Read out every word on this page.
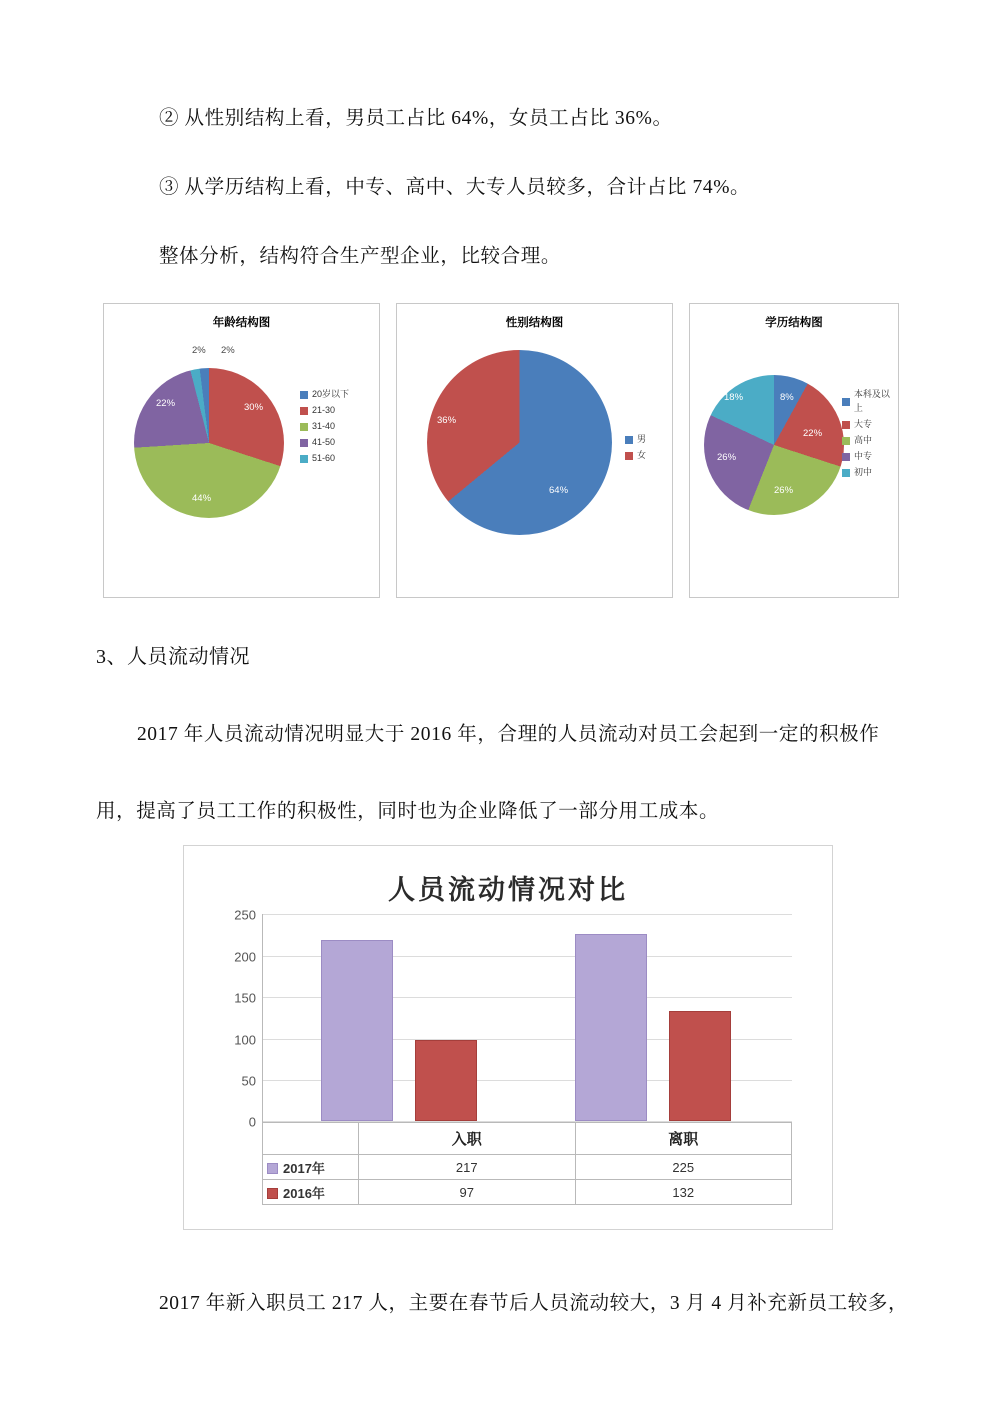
② 从性别结构上看，男员工占比 64%，女员工占比 36%。

③ 从学历结构上看，中专、高中、大专人员较多，合计占比 74%。

整体分析，结构符合生产型企业，比较合理。

年龄结构图
2%
30%
44%
22%
2%
20岁以下
21-30
31-40
41-50
51-60
性别结构图
64%
36%
男
女
学历结构图
8%
22%
26%
26%
18%	本科及以上
大专
高中
中专
初中

3、人员流动情况

2017 年人员流动情况明显大于 2016 年，合理的人员流动对员工会起到一定的积极作

用，提高了员工工作的积极性，同时也为企业降低了一部分用工成本。

人员流动情况对比
250
200
150
100
50
0
	入职	离职
2017年	217	225
2016年	97	132

2017 年新入职员工 217 人，主要在春节后人员流动较大，3 月 4 月补充新员工较多，
